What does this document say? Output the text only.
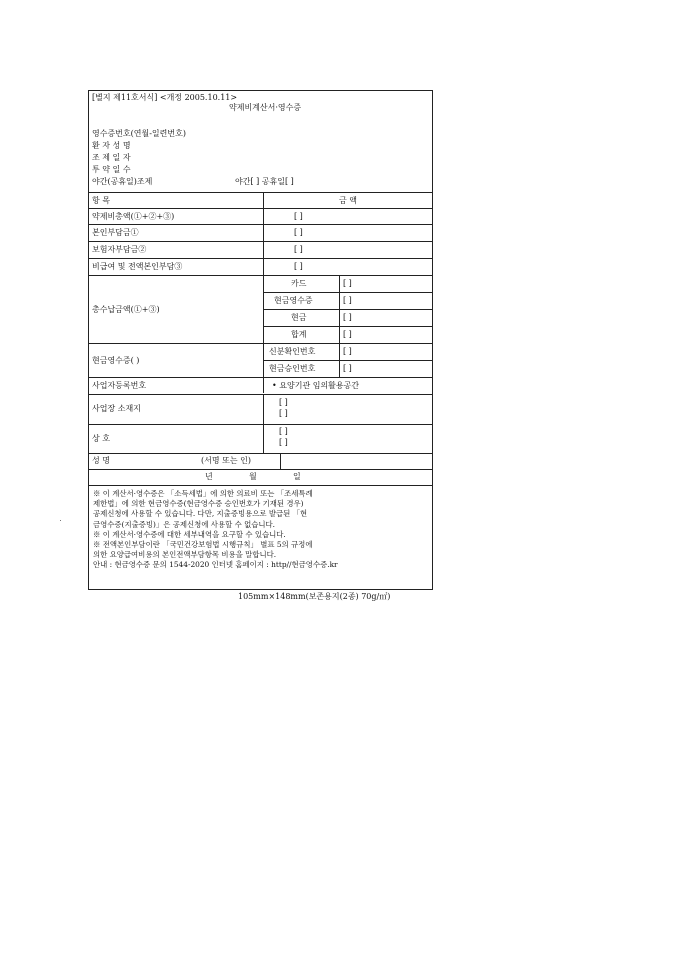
[별지 제11호서식] <개정 2005.10.11>
약제비계산서·영수증
영수증번호(연월-일련번호)
환 자 성 명
조 제 일 자
투 약 일 수
야간(공휴일)조제	야간[ ] 공휴일[ ]
항 목	금 액
약제비총액(①+②+③)	[ ]
본인부담금①	[ ]
보험자부담금②	[ ]
비급여 및 전액본인부담③	[ ]
총수납금액(①+③)
카드	[ ]
현금영수증	[ ]
현금	[ ]
합계	[ ]
현금영수증( )
신분확인번호	[ ]
현금승인번호	[ ]
사업자등록번호	• 요양기관 임의활용공간
사업장 소재지
[ ]
[ ]
상 호
[ ]
[ ]
성 명	(서명 또는 인)
년	월	일
※ 이 계산서·영수증은 「소득세법」에 의한 의료비 또는 「조세특례
제한법」에 의한 현금영수증(현금영수증 승인번호가 기재된 경우)
공제신청에 사용할 수 있습니다. 다만, 지출증빙용으로 발급된 「현
금영수증(지출증빙)」은 공제신청에 사용할 수 없습니다.
※ 이 계산서·영수증에 대한 세부내역을 요구할 수 있습니다.
※ 전액본인부담이란 「국민건강보험법 시행규칙」 별표 5의 규정에
의한 요양급여비용의 본인전액부담항목 비용을 말합니다.
안내 : 현금영수증 문의 1544-2020 인터넷 홈페이지 : http//현금영수증.kr
105mm×148mm(보존용지(2종) 70g/㎡)
